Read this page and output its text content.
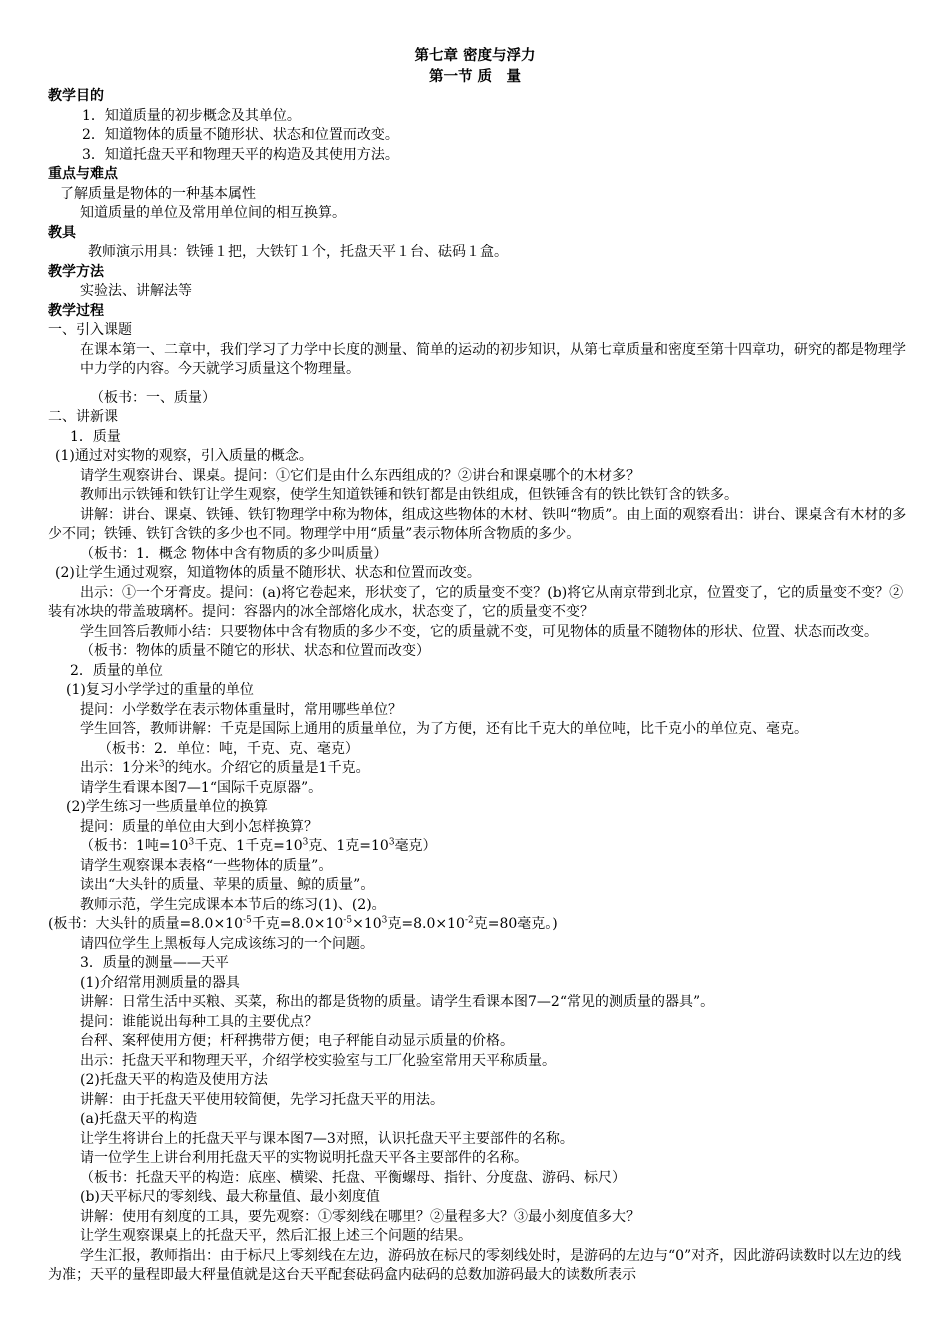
第七章 密度与浮力
第一节 质　量
教学目的
1．知道质量的初步概念及其单位。
2．知道物体的质量不随形状、状态和位置而改变。
3．知道托盘天平和物理天平的构造及其使用方法。
重点与难点
了解质量是物体的一种基本属性
知道质量的单位及常用单位间的相互换算。
教具
教师演示用具：铁锤１把，大铁钉１个，托盘天平１台、砝码１盒。
教学方法
实验法、讲解法等
教学过程
一、引入课题
在课本第一、二章中，我们学习了力学中长度的测量、简单的运动的初步知识，从第七章质量和密度至第十四章功，研究的都是物理学中力学的内容。今天就学习质量这个物理量。
（板书：一、质量）
二、讲新课
1．质量
(1)通过对实物的观察，引入质量的概念。
请学生观察讲台、课桌。提问：①它们是由什么东西组成的？②讲台和课桌哪个的木材多？
教师出示铁锤和铁钉让学生观察，使学生知道铁锤和铁钉都是由铁组成，但铁锤含有的铁比铁钉含的铁多。
讲解：讲台、课桌、铁锤、铁钉物理学中称为物体，组成这些物体的木材、铁叫“物质”。由上面的观察看出：讲台、课桌含有木材的多少不同；铁锤、铁钉含铁的多少也不同。物理学中用“质量”表示物体所含物质的多少。
（板书：1．概念 物体中含有物质的多少叫质量）
(2)让学生通过观察，知道物体的质量不随形状、状态和位置而改变。
出示：①一个牙膏皮。提问：(a)将它卷起来，形状变了，它的质量变不变？(b)将它从南京带到北京，位置变了，它的质量变不变？②装有冰块的带盖玻璃杯。提问：容器内的冰全部熔化成水，状态变了，它的质量变不变？
学生回答后教师小结：只要物体中含有物质的多少不变，它的质量就不变，可见物体的质量不随物体的形状、位置、状态而改变。
（板书：物体的质量不随它的形状、状态和位置而改变）
2．质量的单位
(1)复习小学学过的重量的单位
提问：小学数学在表示物体重量时，常用哪些单位？
学生回答，教师讲解：千克是国际上通用的质量单位，为了方便，还有比千克大的单位吨，比千克小的单位克、毫克。
（板书：2．单位：吨，千克、克、毫克）
出示：1分米$^3$的纯水。介绍它的质量是1千克。
请学生看课本图7—1“国际千克原器”。
(2)学生练习一些质量单位的换算
提问：质量的单位由大到小怎样换算？
（板书：1吨$=10^3$千克、1千克$=10^3$克、1克$=10^3$毫克）
请学生观察课本表格“一些物体的质量”。
读出“大头针的质量、苹果的质量、鲸的质量”。
教师示范，学生完成课本本节后的练习(1)、(2)。
(板书：大头针的质量$=8.0\times 10^{-5}$千克$=8.0\times 10^{-5}\times 10^3$克$=8.0\times 10^{-2}$克=80毫克。)
请四位学生上黑板每人完成该练习的一个问题。
3．质量的测量——天平
(1)介绍常用测质量的器具
讲解：日常生活中买粮、买菜，称出的都是货物的质量。请学生看课本图7—2“常见的测质量的器具”。
提问：谁能说出每种工具的主要优点？
台秤、案秤使用方便；杆秤携带方便；电子秤能自动显示质量的价格。
出示：托盘天平和物理天平，介绍学校实验室与工厂化验室常用天平称质量。
(2)托盘天平的构造及使用方法
讲解：由于托盘天平使用较简便，先学习托盘天平的用法。
(a)托盘天平的构造
让学生将讲台上的托盘天平与课本图7—3对照，认识托盘天平主要部件的名称。
请一位学生上讲台利用托盘天平的实物说明托盘天平各主要部件的名称。
（板书：托盘天平的构造：底座、横梁、托盘、平衡螺母、指针、分度盘、游码、标尺）
(b)天平标尺的零刻线、最大称量值、最小刻度值
讲解：使用有刻度的工具，要先观察：①零刻线在哪里？②量程多大？③最小刻度值多大？
让学生观察课桌上的托盘天平，然后汇报上述三个问题的结果。
学生汇报，教师指出：由于标尺上零刻线在左边，游码放在标尺的零刻线处时，是游码的左边与“0”对齐，因此游码读数时以左边的线为准；天平的量程即最大秤量值就是这台天平配套砝码盒内砝码的总数加游码最大的读数所表示
